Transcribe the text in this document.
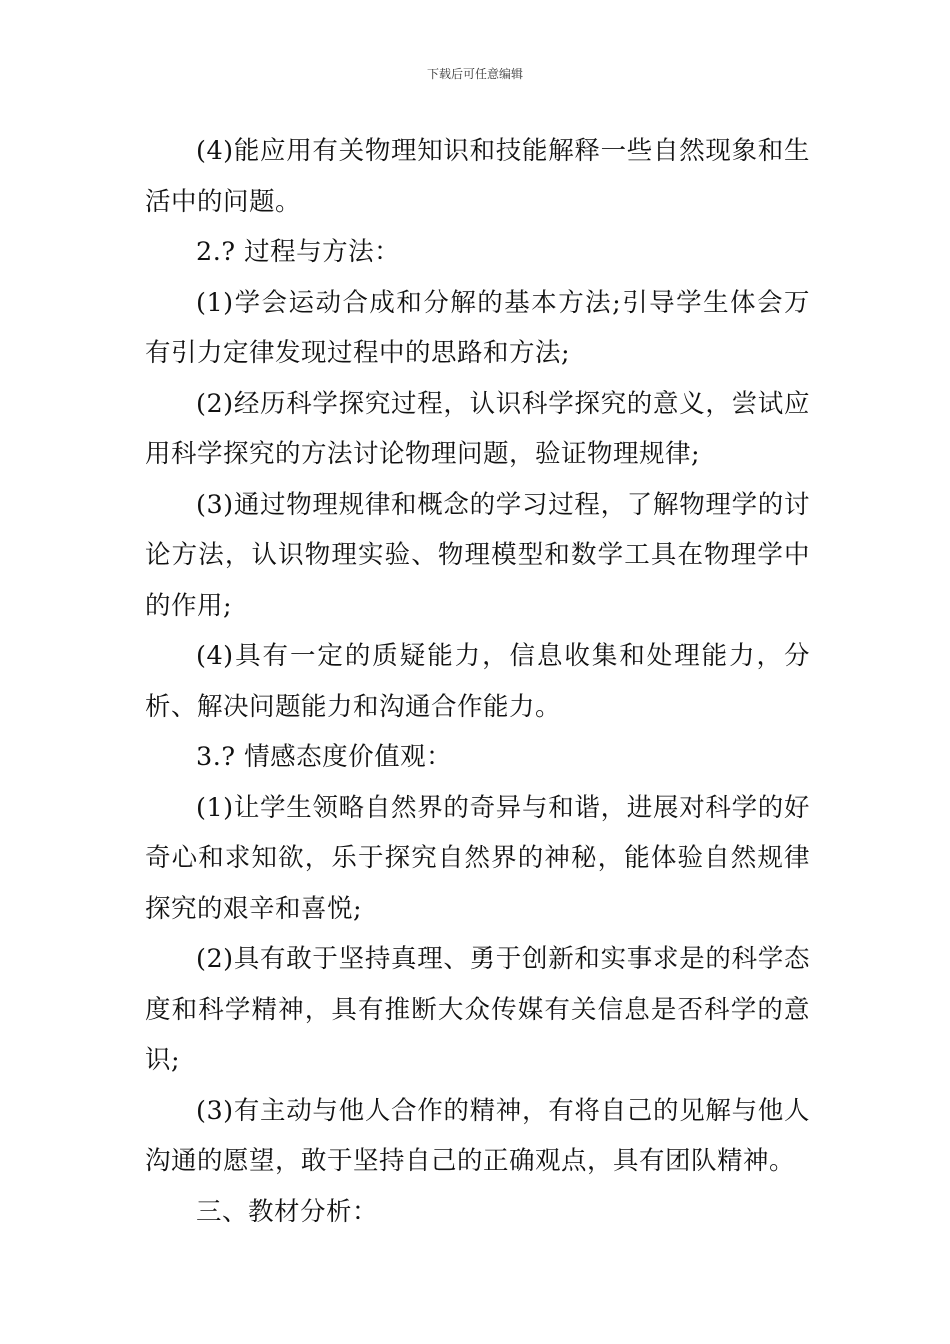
下载后可任意编辑

(4)能应用有关物理知识和技能解释一些自然现象和生活中的问题。

2.? 过程与方法：

(1)学会运动合成和分解的基本方法;引导学生体会万有引力定律发现过程中的思路和方法;

(2)经历科学探究过程，认识科学探究的意义，尝试应用科学探究的方法讨论物理问题，验证物理规律;

(3)通过物理规律和概念的学习过程，了解物理学的讨论方法，认识物理实验、物理模型和数学工具在物理学中的作用;

(4)具有一定的质疑能力，信息收集和处理能力，分析、解决问题能力和沟通合作能力。

3.? 情感态度价值观：

(1)让学生领略自然界的奇异与和谐，进展对科学的好奇心和求知欲，乐于探究自然界的神秘，能体验自然规律探究的艰辛和喜悦;

(2)具有敢于坚持真理、勇于创新和实事求是的科学态度和科学精神，具有推断大众传媒有关信息是否科学的意识;

(3)有主动与他人合作的精神，有将自己的见解与他人沟通的愿望，敢于坚持自己的正确观点，具有团队精神。

三、教材分析：
